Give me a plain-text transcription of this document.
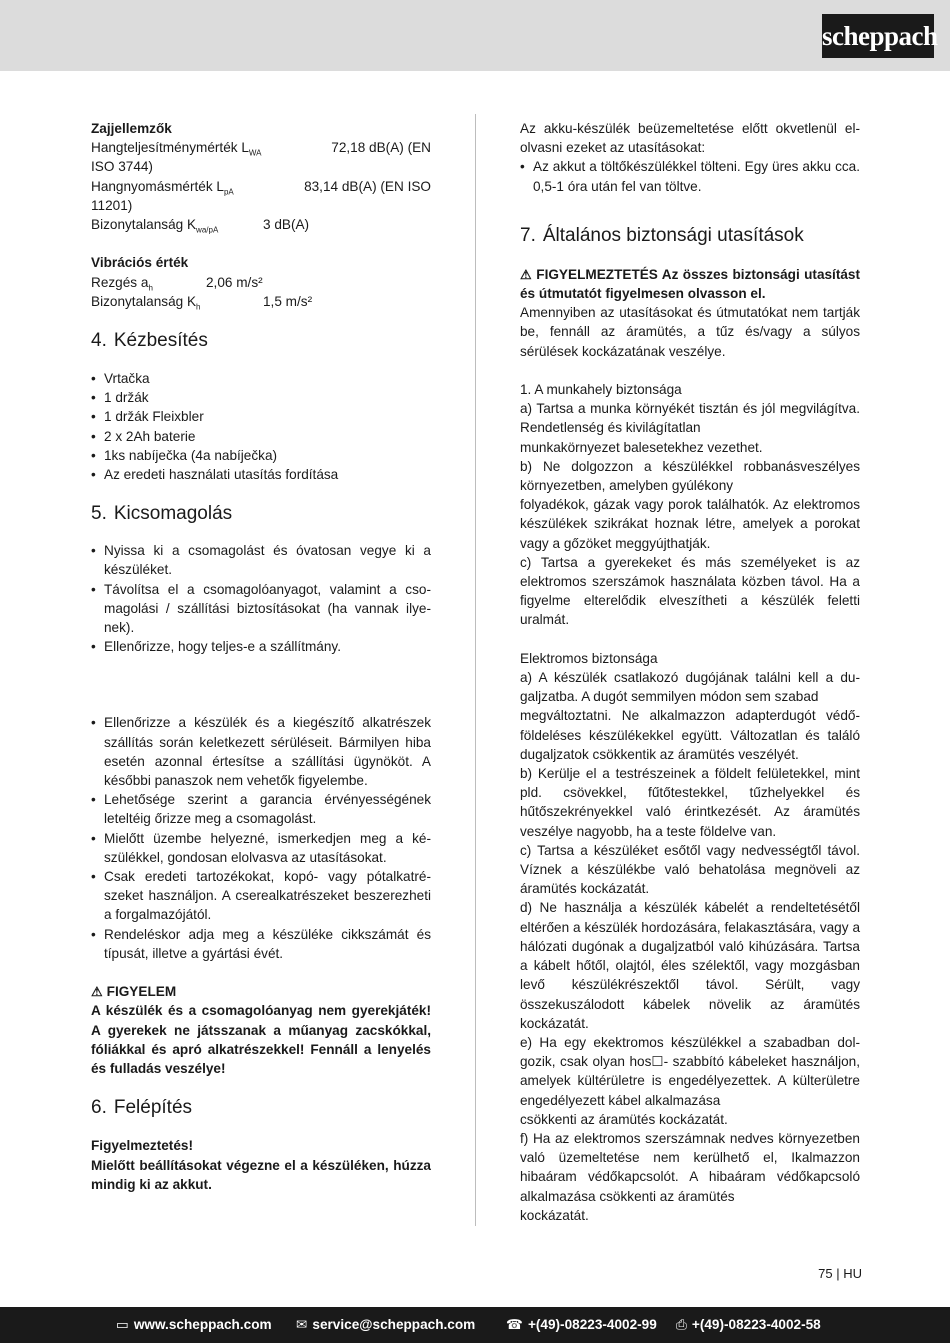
scheppach

Zajjellemzők

Hangteljesítménymérték $L_{WA}$	72,18 dB(A) (EN

ISO 3744)

Hangnyomásmérték $L_{pA}$	83,14 dB(A) (EN ISO

11201)

Bizonytalanság $K_{wa/pA}$	3 dB(A)

Vibrációs érték

Rezgés $a_h$	2,06 m/s²
Bizonytalanság $K_h$	1,5 m/s²

4. Kézbesítés

• Vrtačka
• 1 držák
• 1 držák Fleixbler
• 2 x 2Ah baterie
• 1ks nabíječka (4a nabíječka)
• Az eredeti használati utasítás fordítása

5. Kicsomagolás

• Nyissa ki a csomagolást és óvatosan vegye ki a készüléket.
• Távolítsa el a csomagolóanyagot, valamint a csomagolási / szállítási biztosításokat (ha vannak ilyenek).
• Ellenőrizze, hogy teljes-e a szállítmány.
• Ellenőrizze a készülék és a kiegészítő alkatrészek szállítás során keletkezett sérüléseit. Bármilyen hiba esetén azonnal értesítse a szállítási ügynököt. A későbbi panaszok nem vehetők figyelembe.
• Lehetősége szerint a garancia érvényességének leteltéig őrizze meg a csomagolást.
• Mielőtt üzembe helyezné, ismerkedjen meg a készülékkel, gondosan elolvasva az utasításokat.
• Csak eredeti tartozékokat, kopó- vagy pótalkatrészeket használjon. A cserealkatrészeket beszerezheti a forgalmazójától.
• Rendeléskor adja meg a készüléke cikkszámát és típusát, illetve a gyártási évét.

⚠ FIGYELEM

A készülék és a csomagolóanyag nem gyerekjáték! A gyerekek ne játsszanak a műanyag zacskókkal, fóliákkal és apró alkatrészekkel! Fennáll a lenyelés és fulladás veszélye!

6. Felépítés

Figyelmeztetés!

Mielőtt beállításokat végezne el a készüléken, húzza mindig ki az akkut.

Az akku-készülék beüzemeltetése előtt okvetlenül elolvasni ezeket az utasításokat:

• Az akkut a töltőkészülékkel tölteni. Egy üres akku cca. 0,5-1 óra után fel van töltve.

7. Általános biztonsági utasítások

⚠ FIGYELMEZTETÉS Az összes biztonsági utasítást és útmutatót figyelmesen olvasson el.

Amennyiben az utasításokat és útmutatókat nem tartják be, fennáll az áramütés, a tűz és/vagy a súlyos sérülések kockázatának veszélye.

1. A munkahely biztonsága

a) Tartsa a munka környékét tisztán és jól megvilágítva. Rendetlenség és kivilágítatlan

munkakörnyezet balesetekhez vezethet.

b) Ne dolgozzon a készülékkel robbanásveszélyes környezetben, amelyben gyúlékony

folyadékok, gázak vagy porok találhatók. Az elektromos készülékek szikrákat hoznak létre, amelyek a porokat vagy a gőzöket meggyújthatják.

c) Tartsa a gyerekeket és más személyeket is az elektromos szerszámok használata közben távol. Ha a figyelme elterelődik elveszítheti a készülék feletti uralmát.

Elektromos biztonsága

a) A készülék csatlakozó dugójának találni kell a dugaljzatba. A dugót semmilyen módon sem szabad

megváltoztatni. Ne alkalmazzon adapterdugót védőföldeléses készülékekkel együtt. Változatlan és találó dugaljzatok csökkentik az áramütés veszélyét.

b) Kerülje el a testrészeinek a földelt felületekkel, mint pld. csövekkel, fűtőtestekkel, tűzhelyekkel és hűtőszekrényekkel való érintkezését. Az áramütés veszélye nagyobb, ha a teste földelve van.

c) Tartsa a készüléket esőtől vagy nedvességtől távol. Víznek a készülékbe való behatolása megnöveli az áramütés kockázatát.

d) Ne használja a készülék kábelét a rendeltetésétől eltérően a készülék hordozására, felakasztására, vagy a hálózati dugónak a dugaljzatból való kihúzására. Tartsa a kábelt hőtől, olajtól, éles szélektől, vagy mozgásban levő készülékrészektől távol. Sérült, vagy összekuszálodott kábelek növelik az áramütés kockázatát.

e) Ha egy ekektromos készülékkel a szabadban dolgozik, csak olyan hos☐- szabbító kábeleket használjon, amelyek kültérületre is engedélyezettek. A külterületre engedélyezett kábel alkalmazása

csökkenti az áramütés kockázatát.

f) Ha az elektromos szerszámnak nedves környezetben való üzemeltetése nem kerülhető el, Ikalmazzon hibaáram védőkapcsolót. A hibaáram védőkapcsoló alkalmazása csökkenti az áramütés

kockázatát.

75 | HU
▭ www.scheppach.com ✉ service@scheppach.com ☎ +(49)-08223-4002-99 ⎙ +(49)-08223-4002-58
